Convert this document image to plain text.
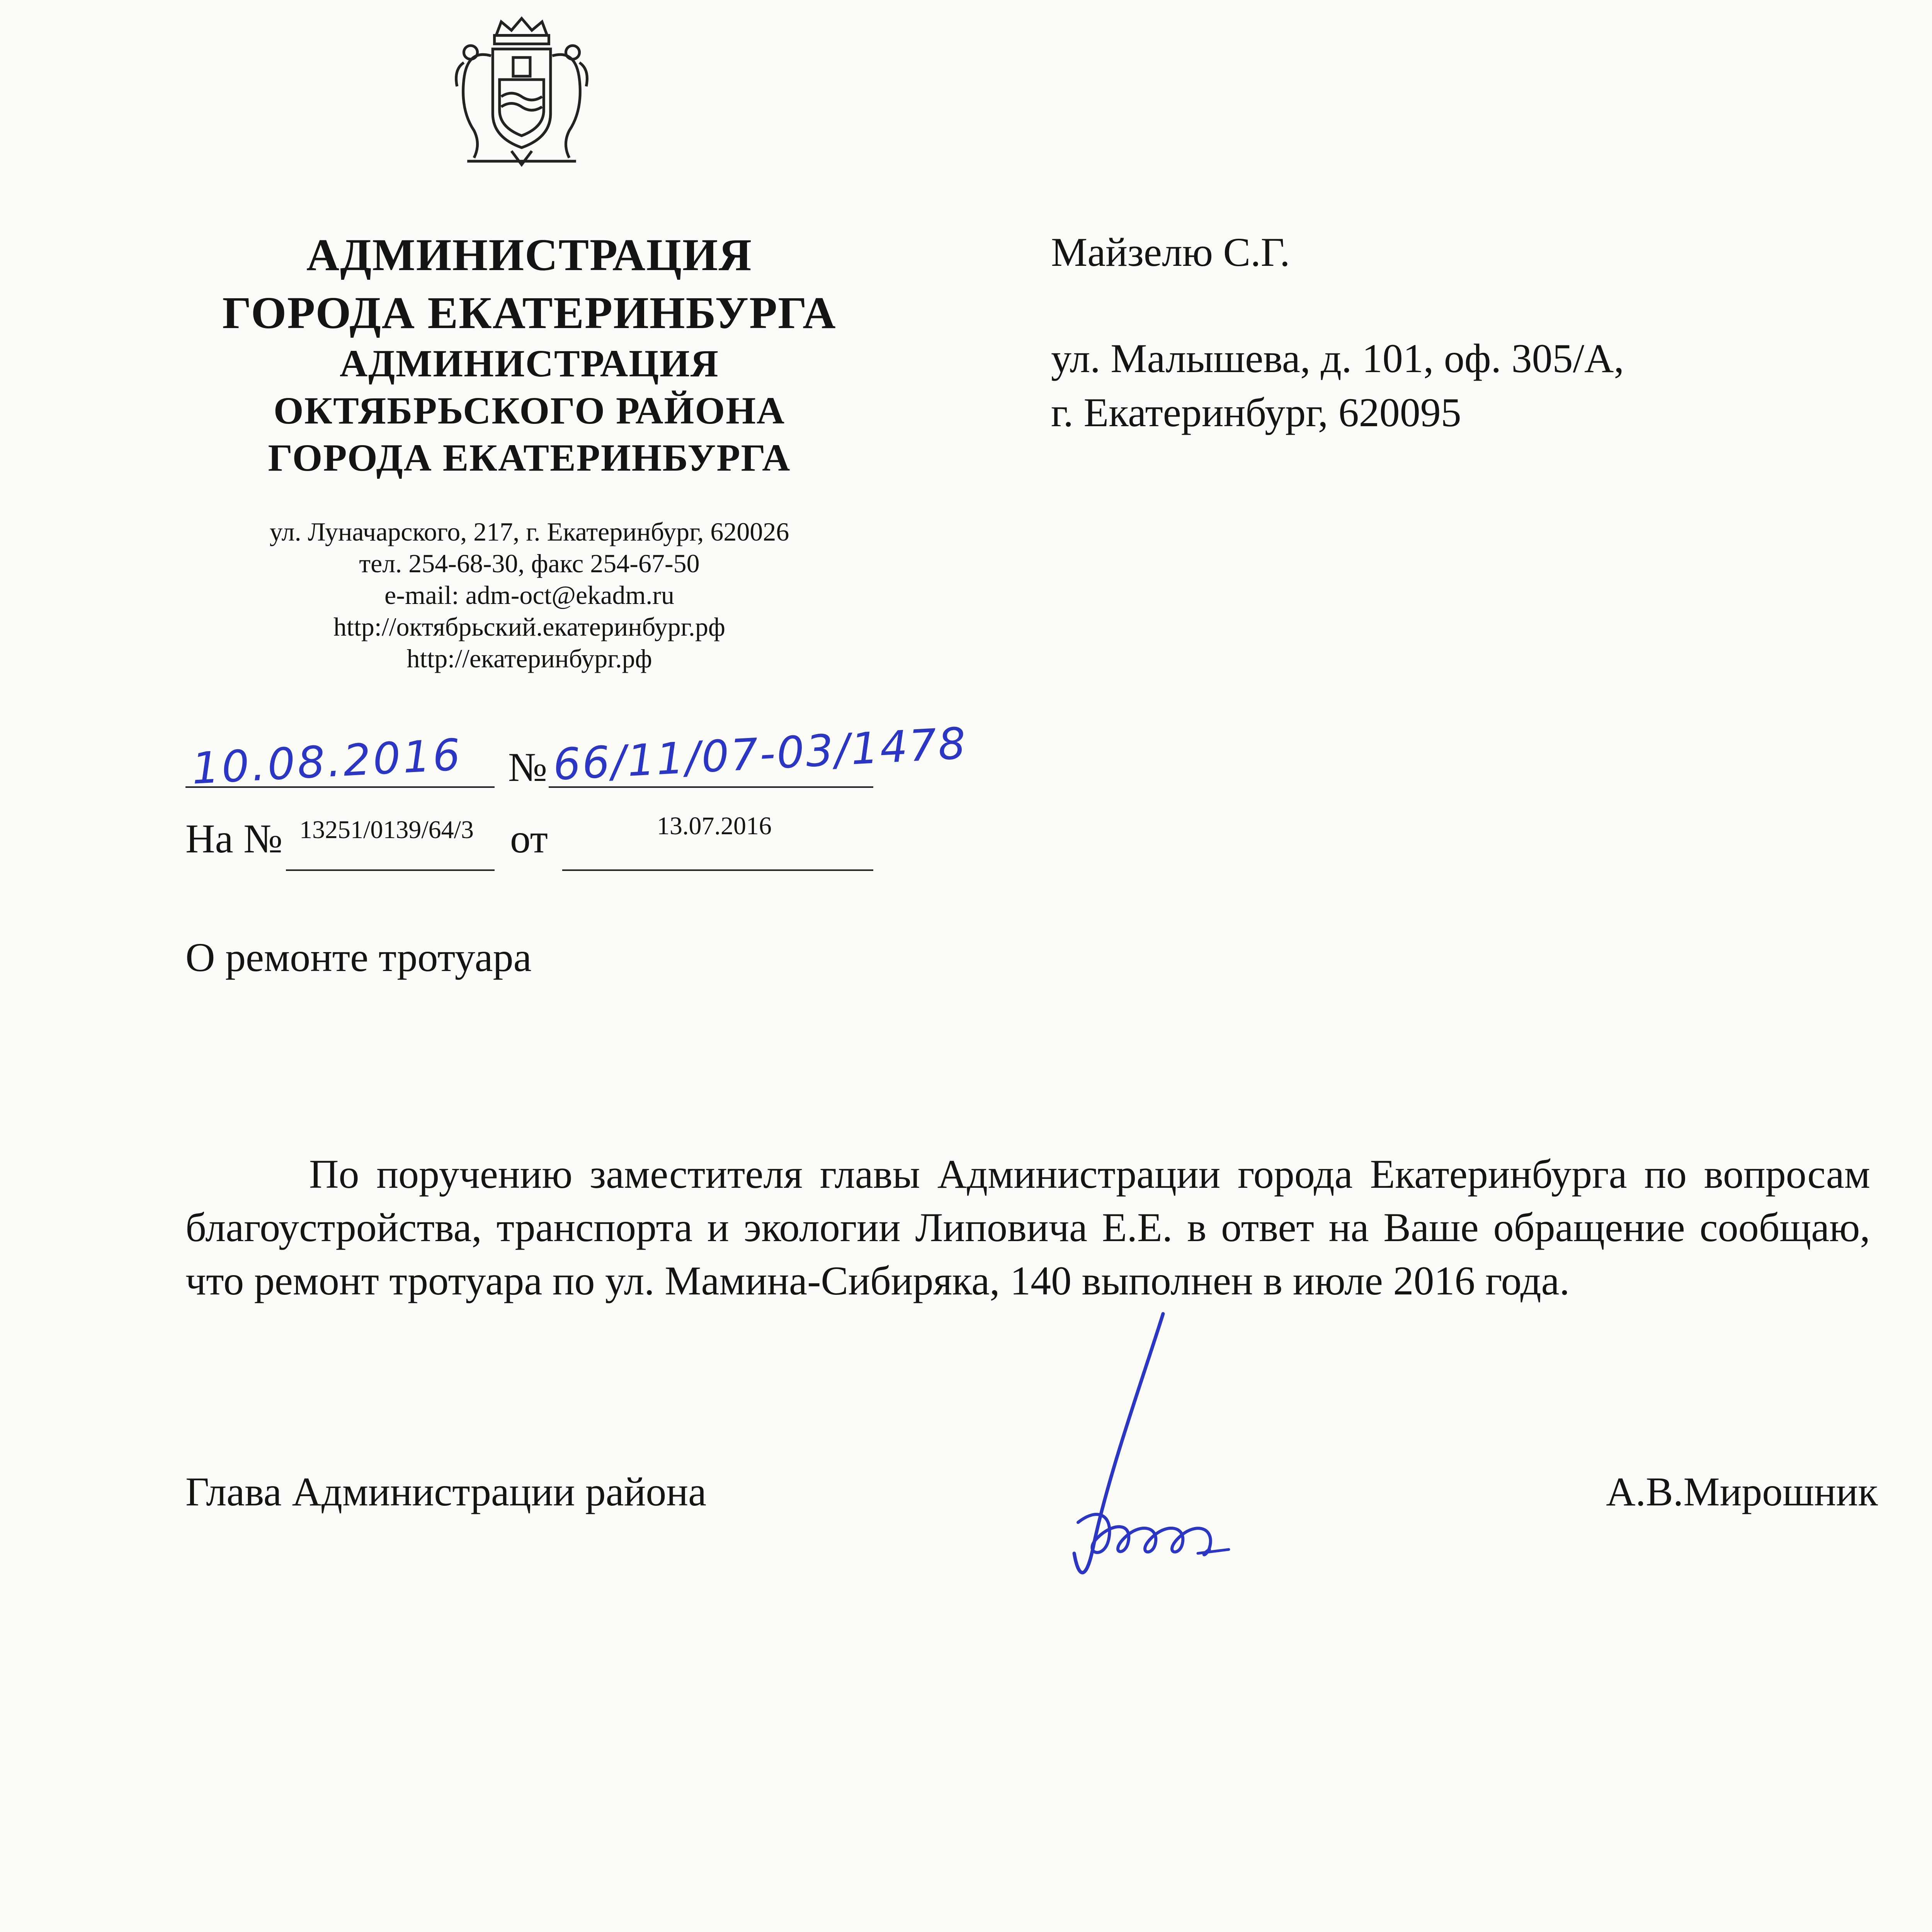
АДМИНИСТРАЦИЯ
ГОРОДА ЕКАТЕРИНБУРГА
АДМИНИСТРАЦИЯ
ОКТЯБРЬСКОГО РАЙОНА
ГОРОДА ЕКАТЕРИНБУРГА
ул. Луначарского, 217, г. Екатеринбург, 620026
тел. 254-68-30, факс 254-67-50
e-mail: adm-oct@ekadm.ru
http://октябрьский.екатеринбург.рф
http://екатеринбург.рф
Майзелю С.Г.
ул. Малышева, д. 101, оф. 305/А,
г. Екатеринбург, 620095
10.08.2016 № 66/11/07-03/1478
На № 13251/0139/64/3 от	13.07.2016
О ремонте тротуара
По поручению заместителя главы Администрации города Екатеринбурга по вопросам благоустройства, транспорта и экологии Липовича Е.Е. в ответ на Ваше обращение сообщаю, что ремонт тротуара по ул. Мамина-Сибиряка, 140 выполнен в июле 2016 года.
Глава Администрации района	А.В.Мирошник
